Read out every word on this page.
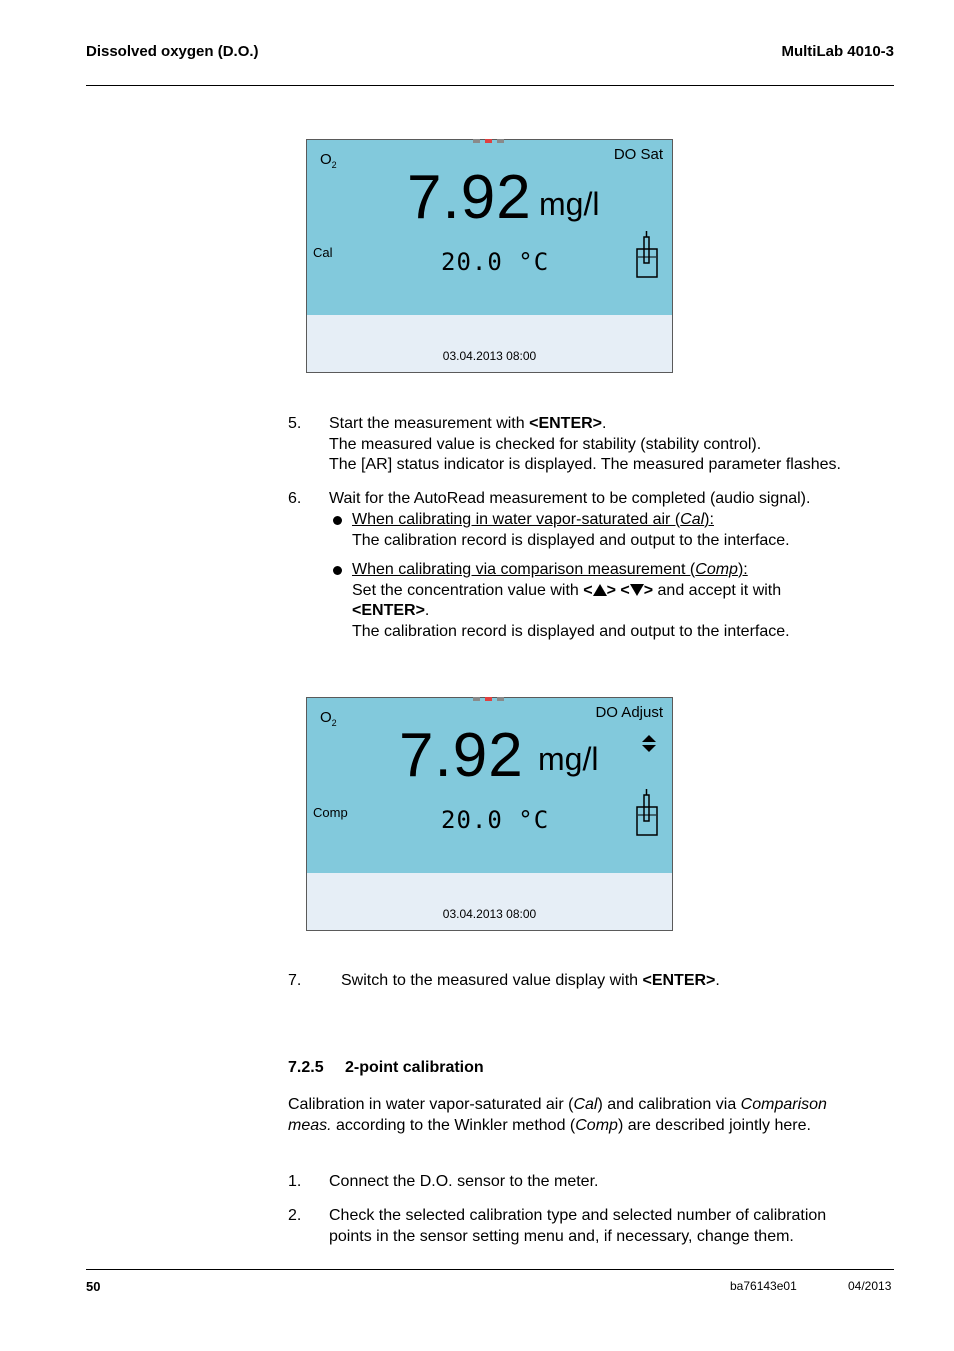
Dissolved oxygen (D.O.)	MultiLab 4010-3
$O_2$
DO Sat
7.92 mg/l
Cal	20.0 °C
03.04.2013 08:00
5. Start the measurement with <ENTER>.
The measured value is checked for stability (stability control).
The [AR] status indicator is displayed. The measured parameter flashes.
6. Wait for the AutoRead measurement to be completed (audio signal).
When calibrating in water vapor-saturated air (Cal):
The calibration record is displayed and output to the interface.
When calibrating via comparison measurement (Comp):
Set the concentration value with < > < > and accept it with
<ENTER>.
The calibration record is displayed and output to the interface.
$O_2$
DO Adjust
7.92 mg/l
Comp	20.0 °C
03.04.2013 08:00
7. Switch to the measured value display with <ENTER>.
7.2.5 2-point calibration
Calibration in water vapor-saturated air (Cal) and calibration via Comparison
meas. according to the Winkler method (Comp) are described jointly here.
1. Connect the D.O. sensor to the meter.
2. Check the selected calibration type and selected number of calibration
points in the sensor setting menu and, if necessary, change them.
50	ba76143e01	04/2013
